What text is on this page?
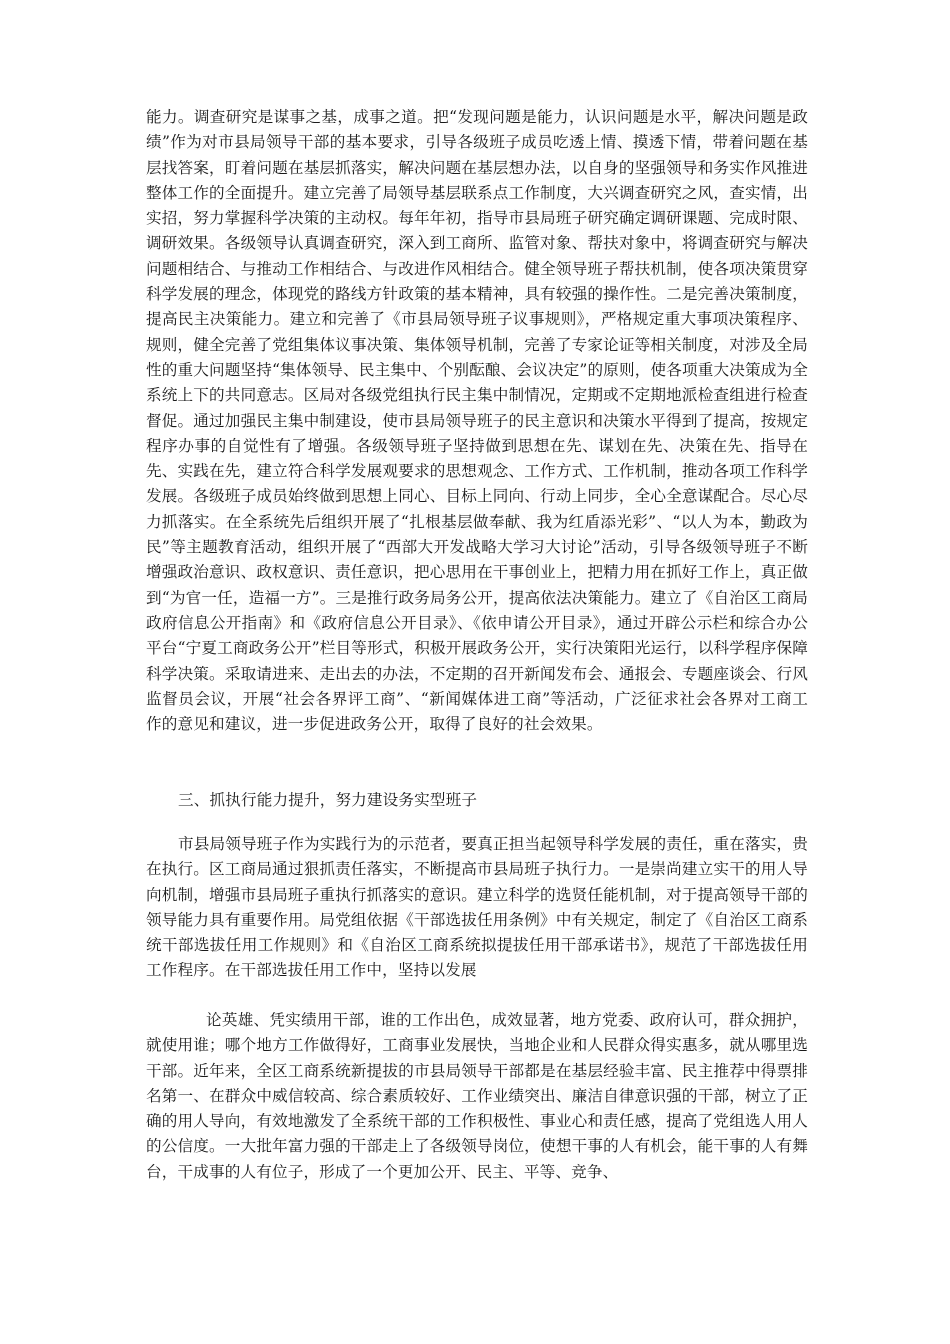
能力。调查研究是谋事之基，成事之道。把“发现问题是能力，认识问题是水平，解决问题是政绩”作为对市县局领导干部的基本要求，引导各级班子成员吃透上情、摸透下情，带着问题在基层找答案，盯着问题在基层抓落实，解决问题在基层想办法，以自身的坚强领导和务实作风推进整体工作的全面提升。建立完善了局领导基层联系点工作制度，大兴调查研究之风，查实情，出实招，努力掌握科学决策的主动权。每年年初，指导市县局班子研究确定调研课题、完成时限、调研效果。各级领导认真调查研究，深入到工商所、监管对象、帮扶对象中，将调查研究与解决问题相结合、与推动工作相结合、与改进作风相结合。健全领导班子帮扶机制，使各项决策贯穿科学发展的理念，体现党的路线方针政策的基本精神，具有较强的操作性。二是完善决策制度，提高民主决策能力。建立和完善了《市县局领导班子议事规则》，严格规定重大事项决策程序、规则，健全完善了党组集体议事决策、集体领导机制，完善了专家论证等相关制度，对涉及全局性的重大问题坚持“集体领导、民主集中、个别酝酿、会议决定”的原则，使各项重大决策成为全系统上下的共同意志。区局对各级党组执行民主集中制情况，定期或不定期地派检查组进行检查督促。通过加强民主集中制建设，使市县局领导班子的民主意识和决策水平得到了提高，按规定程序办事的自觉性有了增强。各级领导班子坚持做到思想在先、谋划在先、决策在先、指导在先、实践在先，建立符合科学发展观要求的思想观念、工作方式、工作机制，推动各项工作科学发展。各级班子成员始终做到思想上同心、目标上同向、行动上同步，全心全意谋配合。尽心尽力抓落实。在全系统先后组织开展了“扎根基层做奉献、我为红盾添光彩”、“以人为本，勤政为民”等主题教育活动，组织开展了“西部大开发战略大学习大讨论”活动，引导各级领导班子不断增强政治意识、政权意识、责任意识，把心思用在干事创业上，把精力用在抓好工作上，真正做到“为官一任，造福一方”。三是推行政务局务公开，提高依法决策能力。建立了《自治区工商局政府信息公开指南》和《政府信息公开目录》、《依申请公开目录》，通过开辟公示栏和综合办公平台“宁夏工商政务公开”栏目等形式，积极开展政务公开，实行决策阳光运行，以科学程序保障科学决策。采取请进来、走出去的办法，不定期的召开新闻发布会、通报会、专题座谈会、行风监督员会议，开展“社会各界评工商”、“新闻媒体进工商”等活动，广泛征求社会各界对工商工作的意见和建议，进一步促进政务公开，取得了良好的社会效果。

三、抓执行能力提升，努力建设务实型班子

市县局领导班子作为实践行为的示范者，要真正担当起领导科学发展的责任，重在落实，贵在执行。区工商局通过狠抓责任落实，不断提高市县局班子执行力。一是崇尚建立实干的用人导向机制，增强市县局班子重执行抓落实的意识。建立科学的选贤任能机制，对于提高领导干部的领导能力具有重要作用。局党组依据《干部选拔任用条例》中有关规定，制定了《自治区工商系统干部选拔任用工作规则》和《自治区工商系统拟提拔任用干部承诺书》，规范了干部选拔任用工作程序。在干部选拔任用工作中，坚持以发展

论英雄、凭实绩用干部，谁的工作出色，成效显著，地方党委、政府认可，群众拥护，就使用谁；哪个地方工作做得好，工商事业发展快，当地企业和人民群众得实惠多，就从哪里选干部。近年来，全区工商系统新提拔的市县局领导干部都是在基层经验丰富、民主推荐中得票排名第一、在群众中威信较高、综合素质较好、工作业绩突出、廉洁自律意识强的干部，树立了正确的用人导向，有效地激发了全系统干部的工作积极性、事业心和责任感，提高了党组选人用人的公信度。一大批年富力强的干部走上了各级领导岗位，使想干事的人有机会，能干事的人有舞台，干成事的人有位子，形成了一个更加公开、民主、平等、竞争、
